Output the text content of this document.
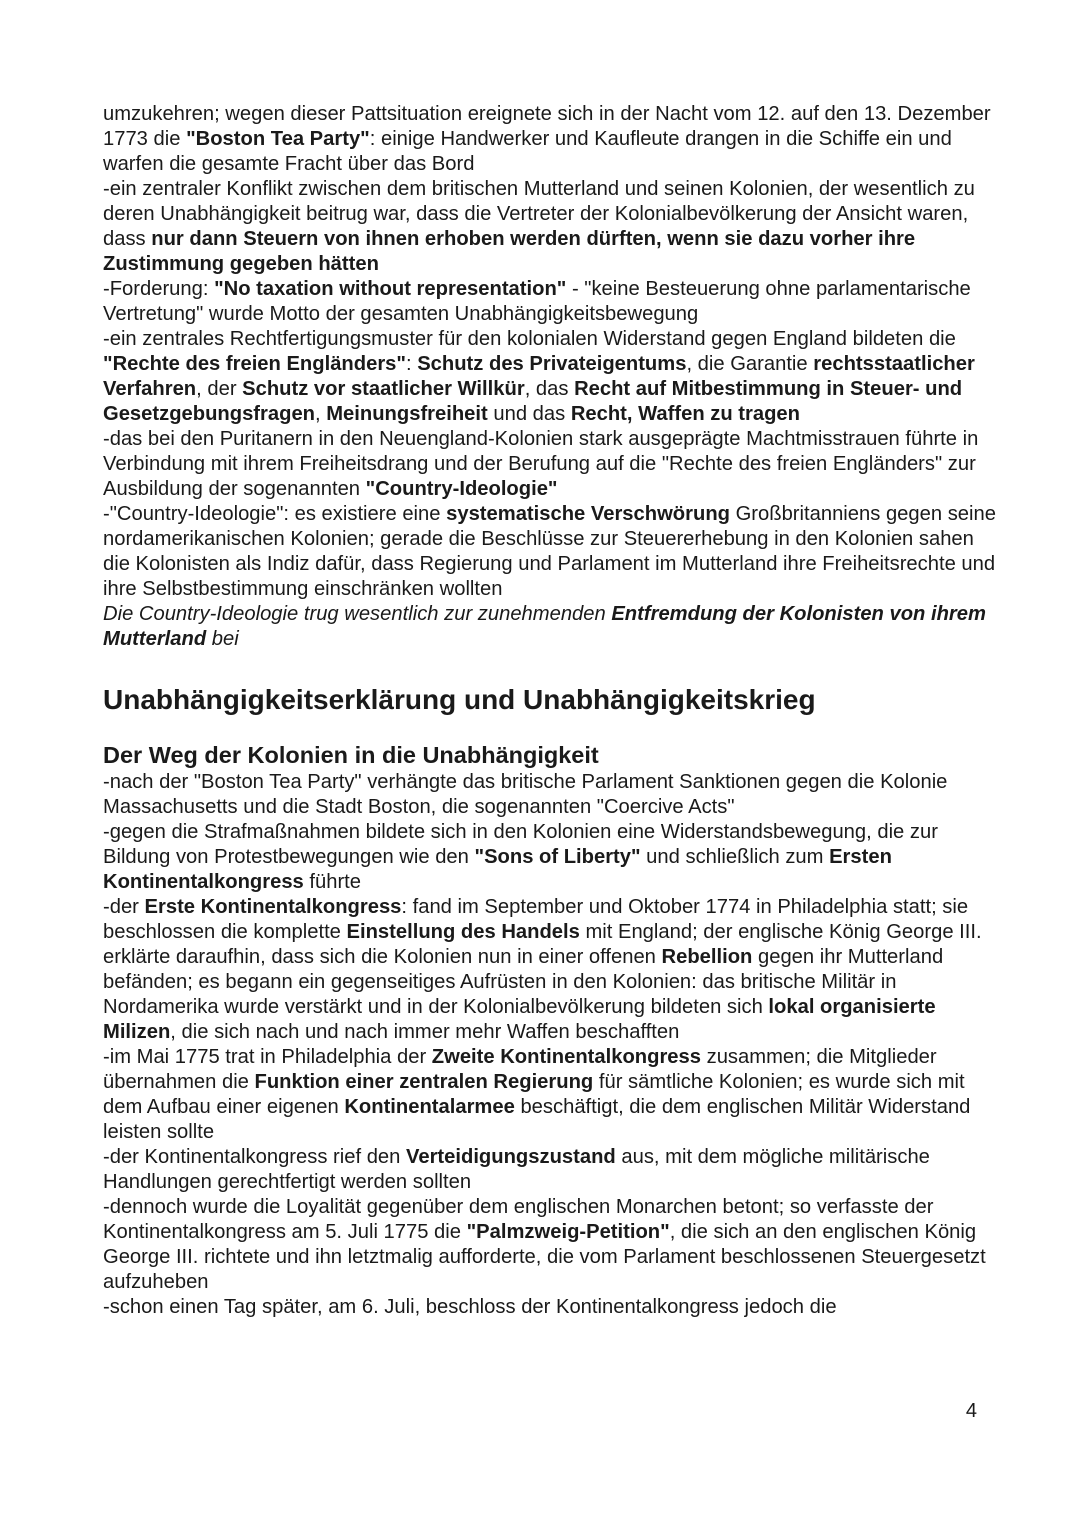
umzukehren; wegen dieser Pattsituation ereignete sich in der Nacht vom 12. auf den 13. Dezember 1773 die "Boston Tea Party": einige Handwerker und Kaufleute drangen in die Schiffe ein und warfen die gesamte Fracht über das Bord

-ein zentraler Konflikt zwischen dem britischen Mutterland und seinen Kolonien, der wesentlich zu deren Unabhängigkeit beitrug war, dass die Vertreter der Kolonialbevölkerung der Ansicht waren, dass nur dann Steuern von ihnen erhoben werden dürften, wenn sie dazu vorher ihre Zustimmung gegeben hätten

-Forderung: "No taxation without representation" - "keine Besteuerung ohne parlamentarische Vertretung" wurde Motto der gesamten Unabhängigkeitsbewegung

-ein zentrales Rechtfertigungsmuster für den kolonialen Widerstand gegen England bildeten die "Rechte des freien Engländers": Schutz des Privateigentums, die Garantie rechtsstaatlicher Verfahren, der Schutz vor staatlicher Willkür, das Recht auf Mitbestimmung in Steuer- und Gesetzgebungsfragen, Meinungsfreiheit und das Recht, Waffen zu tragen

-das bei den Puritanern in den Neuengland-Kolonien stark ausgeprägte Machtmisstrauen führte in Verbindung mit ihrem Freiheitsdrang und der Berufung auf die "Rechte des freien Engländers" zur Ausbildung der sogenannten "Country-Ideologie"

-"Country-Ideologie": es existiere eine systematische Verschwörung Großbritanniens gegen seine nordamerikanischen Kolonien; gerade die Beschlüsse zur Steuererhebung in den Kolonien sahen die Kolonisten als Indiz dafür, dass Regierung und Parlament im Mutterland ihre Freiheitsrechte und ihre Selbstbestimmung einschränken wollten

Die Country-Ideologie trug wesentlich zur zunehmenden Entfremdung der Kolonisten von ihrem Mutterland bei

Unabhängigkeitserklärung und Unabhängigkeitskrieg
Der Weg der Kolonien in die Unabhängigkeit

-nach der "Boston Tea Party" verhängte das britische Parlament Sanktionen gegen die Kolonie Massachusetts und die Stadt Boston, die sogenannten "Coercive Acts"

-gegen die Strafmaßnahmen bildete sich in den Kolonien eine Widerstandsbewegung, die zur Bildung von Protestbewegungen wie den "Sons of Liberty" und schließlich zum Ersten Kontinentalkongress führte

-der Erste Kontinentalkongress: fand im September und Oktober 1774 in Philadelphia statt; sie beschlossen die komplette Einstellung des Handels mit England; der englische König George III. erklärte daraufhin, dass sich die Kolonien nun in einer offenen Rebellion gegen ihr Mutterland befänden; es begann ein gegenseitiges Aufrüsten in den Kolonien: das britische Militär in Nordamerika wurde verstärkt und in der Kolonialbevölkerung bildeten sich lokal organisierte Milizen, die sich nach und nach immer mehr Waffen beschafften

-im Mai 1775 trat in Philadelphia der Zweite Kontinentalkongress zusammen; die Mitglieder übernahmen die Funktion einer zentralen Regierung für sämtliche Kolonien; es wurde sich mit dem Aufbau einer eigenen Kontinentalarmee beschäftigt, die dem englischen Militär Widerstand leisten sollte

-der Kontinentalkongress rief den Verteidigungszustand aus, mit dem mögliche militärische Handlungen gerechtfertigt werden sollten

-dennoch wurde die Loyalität gegenüber dem englischen Monarchen betont; so verfasste der Kontinentalkongress am 5. Juli 1775 die "Palmzweig-Petition", die sich an den englischen König George III. richtete und ihn letztmalig aufforderte, die vom Parlament beschlossenen Steuergesetzt aufzuheben

-schon einen Tag später, am 6. Juli, beschloss der Kontinentalkongress jedoch die

4
